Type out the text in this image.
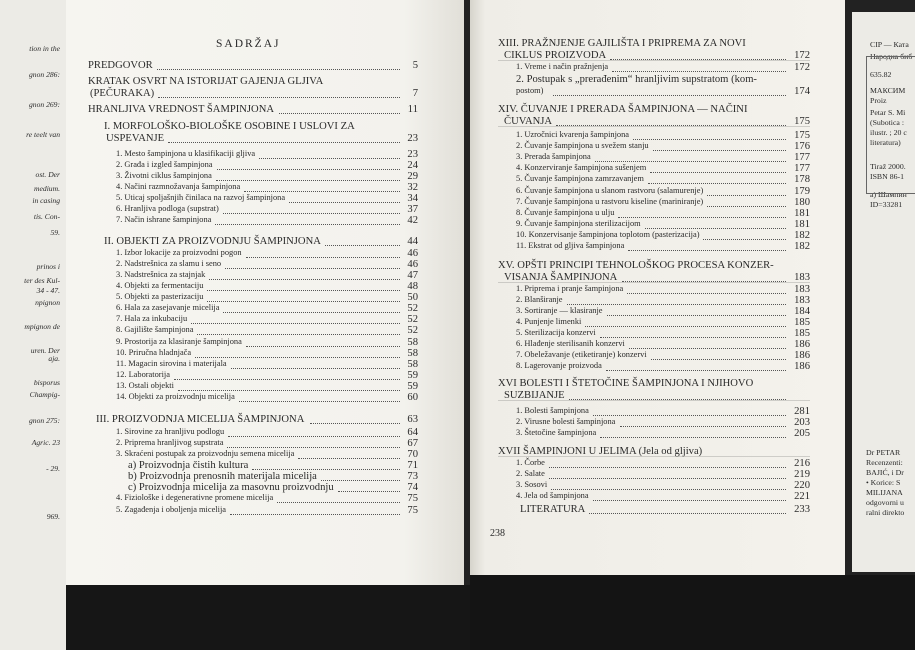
tion in the
gnon 286:
gnon 269:
re teelt van
ost. Der
medium.
in casing
tis. Con-
59.
prinos i
ter des Kul-
34 - 47.
npignon
mpignon de
uren. Der
aja.
bisporus
Champig-
gnon 275:
Agric. 23
- 29.
969.
SADRŽAJ
PREDGOVOR	5
KRATAK OSVRT NA ISTORIJAT GAJENJA GLJIVA
(PEČURAKA)	7
HRANLJIVA VREDNOST ŠAMPINJONA	11
I. MORFOLOŠKO-BIOLOŠKE OSOBINE I USLOVI ZA
USPEVANJE	23
1. Mesto šampinjona u klasifikaciji gljiva	23
2. Građa i izgled šampinjona	24
3. Životni ciklus šampinjona	29
4. Načini razmnožavanja šampinjona	32
5. Uticaj spoljašnjih činilaca na razvoj šampinjona	34
6. Hranljiva podloga (supstrat)	37
7. Način ishrane šampinjona	42
II. OBJEKTI ZA PROIZVODNJU ŠAMPINJONA	44
1. Izbor lokacije za proizvodni pogon	46
2. Nadstrešnica za slamu i seno	46
3. Nadstrešnica za stajnjak	47
4. Objekti za fermentaciju	48
5. Objekti za pasterizaciju	50
6. Hala za zasejavanje micelija	52
7. Hala za inkubaciju	52
8. Gajilište šampinjona	52
9. Prostorija za klasiranje šampinjona	58
10. Priručna hladnjača	58
11. Magacin sirovina i materijala	58
12. Laboratorija	59
13. Ostali objekti	59
14. Objekti za proizvodnju micelija	60
III. PROIZVODNJA MICELIJA ŠAMPINJONA	63
1. Sirovine za hranljivu podlogu	64
2. Priprema hranljivog supstrata	67
3. Skraćeni postupak za proizvodnju semena micelija	70
a) Proizvodnja čistih kultura	71
b) Proizvodnja prenosnih materijala micelija	73
c) Proizvodnja micelija za masovnu proizvodnju	74
4. Fiziološke i degenerativne promene micelija	75
5. Zagađenja i oboljenja micelija	75
XIII. PRAŽNJENJE GAJILIŠTA I PRIPREMA ZA NOVI
CIKLUS PROIZVODA	172
1. Vreme i način pražnjenja	172
2. Postupak s „prerađenim“ hranljivim supstratom (kom-
postom)	174
XIV. ČUVANJE I PRERADA ŠAMPINJONA — NAČINI
ČUVANJA	175
1. Uzročnici kvarenja šampinjona	175
2. Čuvanje šampinjona u svežem stanju	176
3. Prerada šampinjona	177
4. Konzerviranje šampinjona sušenjem	177
5. Čuvanje šampinjona zamrzavanjem	178
6. Čuvanje šampinjona u slanom rastvoru (salamurenje)	179
7. Čuvanje šampinjona u rastvoru kiseline (mariniranje)	180
8. Čuvanje šampinjona u ulju	181
9. Čuvanje šampinjona sterilizacijom	181
10. Konzervisanje šampinjona toplotom (pasterizacija)	182
11. Ekstrat od gljiva šampinjona	182
XV. OPŠTI PRINCIPI TEHNOLOŠKOG PROCESA KONZER-
VISANJA ŠAMPINJONA	183
1. Priprema i pranje šampinjona	183
2. Blanširanje	183
3. Sortiranje — klasiranje	184
4. Punjenje limenki	185
5. Sterilizacija konzervi	185
6. Hlađenje sterilisanih konzervi	186
7. Obeležavanje (etiketiranje) konzervi	186
8. Lagerovanje proizvoda	186
XVI BOLESTI I ŠTETOČINE ŠAMPINJONA I NJIHOVO
SUZBIJANJE
1. Bolesti šampinjona	281
2. Virusne bolesti šampinjona	203
3. Štetočine šampinjona	205
XVII ŠAMPINJONI U JELIMA (Jela od gljiva)
1. Čorbe	216
2. Salate	219
3. Sosovi	220
4. Jela od šampinjona	221
LITERATURA	233
238
CIP — Ката
Народна биб
635.82
МАКСИМ
Proiz
Petar S. Mi
(Subotica :
ilustr. ; 20 c
literatura)
Tiraž 2000.
ISBN 86-1
a) Шампин
ID=33281
Dr PETAR
Recenzenti:
BAJIĆ, i Dr
• Korice: S
MILIJANA
odgovorni u
ralni direkto
